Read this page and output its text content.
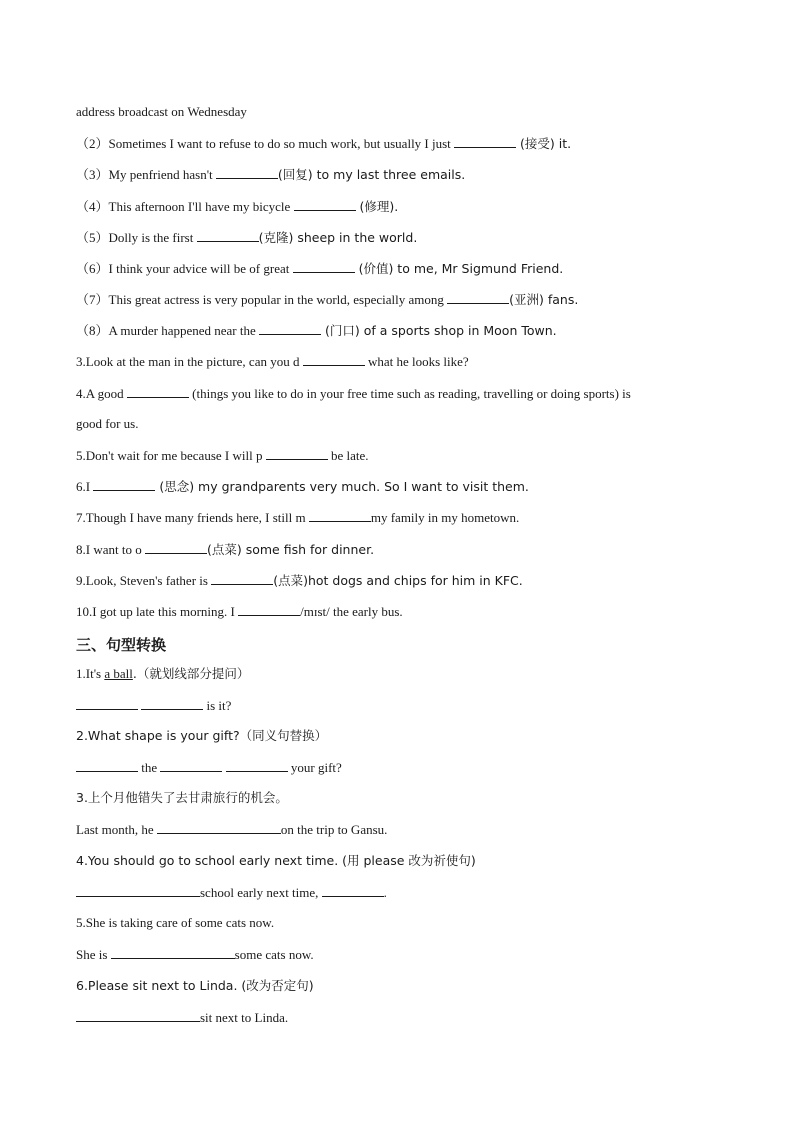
address broadcast on Wednesday
（2）Sometimes I want to refuse to do so much work, but usually I just	(接受) it.
（3）My penfriend hasn't	(回复) to my last three emails.
（4）This afternoon I'll have my bicycle	(修理).
（5）Dolly is the first	(克隆) sheep in the world.
（6）I think your advice will be of great	(价值) to me, Mr Sigmund Friend.
（7）This great actress is very popular in the world, especially among	(亚洲) fans.
（8）A murder happened near the	(门口) of a sports shop in Moon Town.
3.Look at the man in the picture, can you d	what he looks like?
4.A good	(things you like to do in your free time such as reading, travelling or doing sports) is
good for us.
5.Don't wait for me because I will p	be late.
6.I	(思念) my grandparents very much. So I want to visit them.
7.Though I have many friends here, I still m	my family in my hometown.
8.I want to o	(点菜) some fish for dinner.
9.Look, Steven's father is	(点菜)hot dogs and chips for him in KFC.
10.I got up late this morning. I	/mɪst/ the early bus.
三、句型转换
1.It's a ball.（就划线部分提问）
is it?
2.What shape is your gift?（同义句替换）
the	your gift?
3.上个月他错失了去甘肃旅行的机会。
Last month, he	on the trip to Gansu.
4.You should go to school early next time. (用 please 改为祈使句)
school early next time,	.
5.She is taking care of some cats now.
She is	some cats now.
6.Please sit next to Linda. (改为否定句)
sit next to Linda.
